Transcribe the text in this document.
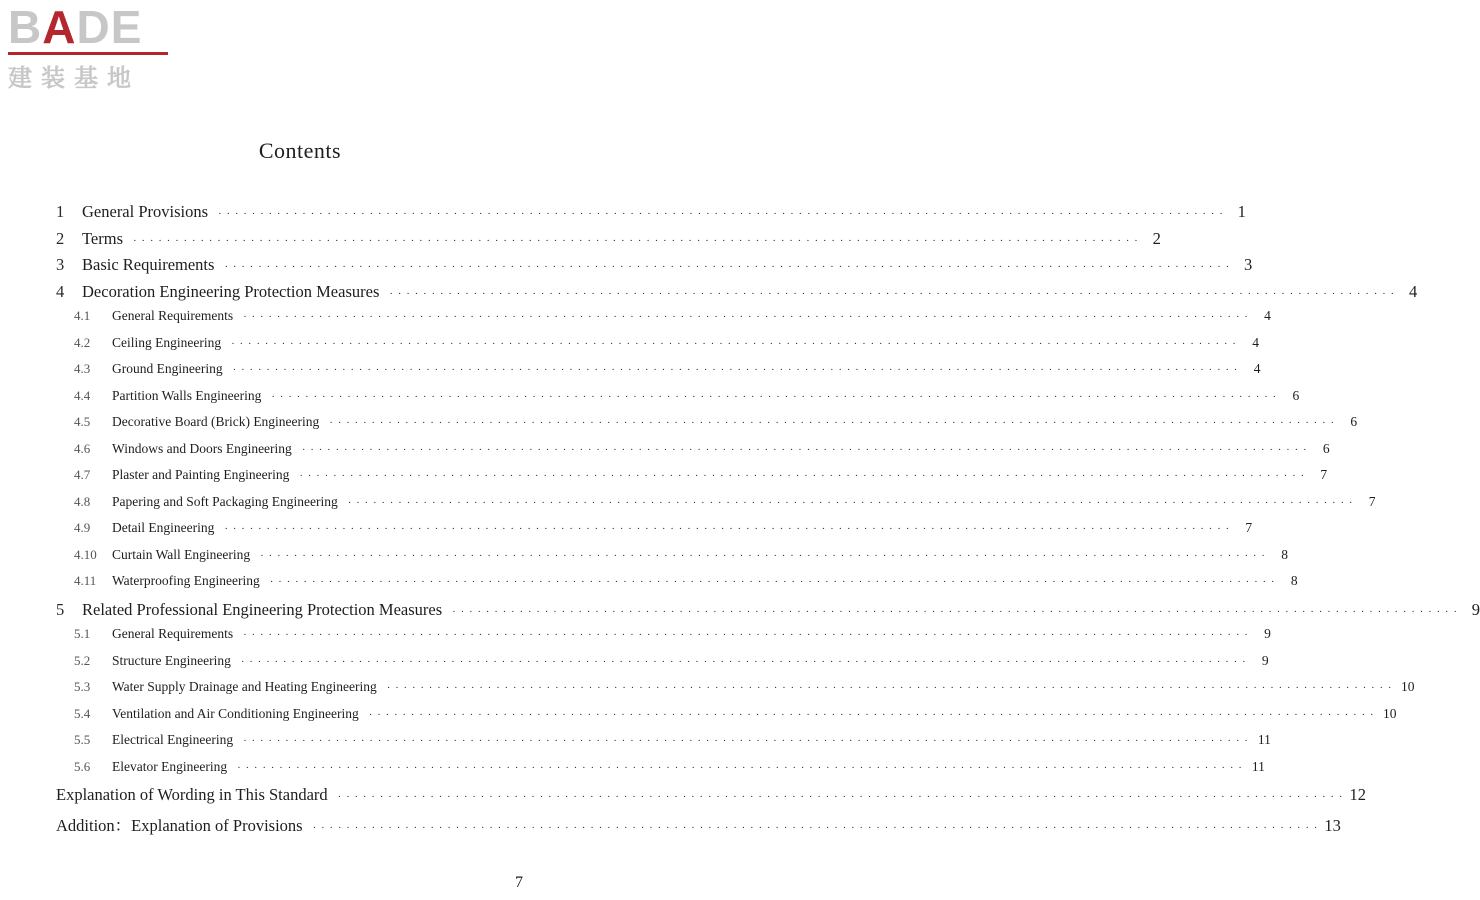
BADE
建装基地
Contents
1	General Provisions · · · · · · · · · · · · · · · · · · · · · · · · · · · · · · · · · · · · · · · · · · · · · · · · · · · · · · · · · · · · · · · · · · · · · · · · · · · · · · · · · · · · · · · · · · · · · · · · · · · · · · · · · · · · · · · · · · · · · · · · 1
2	Terms · · · · · · · · · · · · · · · · · · · · · · · · · · · · · · · · · · · · · · · · · · · · · · · · · · · · · · · · · · · · · · · · · · · · · · · · · · · · · · · · · · · · · · · · · · · · · · · · · · · · · · · · · · · · · · · · · · · · · · · · 2
3	Basic Requirements · · · · · · · · · · · · · · · · · · · · · · · · · · · · · · · · · · · · · · · · · · · · · · · · · · · · · · · · · · · · · · · · · · · · · · · · · · · · · · · · · · · · · · · · · · · · · · · · · · · · · · · · · · · · · · · · · · · · · · · · 3
4	Decoration Engineering Protection Measures · · · · · · · · · · · · · · · · · · · · · · · · · · · · · · · · · · · · · · · · · · · · · · · · · · · · · · · · · · · · · · · · · · · · · · · · · · · · · · · · · · · · · · · · · · · · · · · · · · · · · · · · · · · · · · · · · · · · · · · · 4
4.1	General Requirements · · · · · · · · · · · · · · · · · · · · · · · · · · · · · · · · · · · · · · · · · · · · · · · · · · · · · · · · · · · · · · · · · · · · · · · · · · · · · · · · · · · · · · · · · · · · · · · · · · · · · · · · · · · · · · · · · · · · · · · ·	4
4.2	Ceiling Engineering · · · · · · · · · · · · · · · · · · · · · · · · · · · · · · · · · · · · · · · · · · · · · · · · · · · · · · · · · · · · · · · · · · · · · · · · · · · · · · · · · · · · · · · · · · · · · · · · · · · · · · · · · · · · · · · · · · · · · · · ·	4
4.3	Ground Engineering · · · · · · · · · · · · · · · · · · · · · · · · · · · · · · · · · · · · · · · · · · · · · · · · · · · · · · · · · · · · · · · · · · · · · · · · · · · · · · · · · · · · · · · · · · · · · · · · · · · · · · · · · · · · · · · · · · · · · · · ·	4
4.4	Partition Walls Engineering · · · · · · · · · · · · · · · · · · · · · · · · · · · · · · · · · · · · · · · · · · · · · · · · · · · · · · · · · · · · · · · · · · · · · · · · · · · · · · · · · · · · · · · · · · · · · · · · · · · · · · · · · · · · · · · · · · · · · · · ·	6
4.5	Decorative Board (Brick) Engineering · · · · · · · · · · · · · · · · · · · · · · · · · · · · · · · · · · · · · · · · · · · · · · · · · · · · · · · · · · · · · · · · · · · · · · · · · · · · · · · · · · · · · · · · · · · · · · · · · · · · · · · · · · · · · · · · · · · · · · · ·	6
4.6	Windows and Doors Engineering · · · · · · · · · · · · · · · · · · · · · · · · · · · · · · · · · · · · · · · · · · · · · · · · · · · · · · · · · · · · · · · · · · · · · · · · · · · · · · · · · · · · · · · · · · · · · · · · · · · · · · · · · · · · · · · · · · · · · · · ·	6
4.7	Plaster and Painting Engineering · · · · · · · · · · · · · · · · · · · · · · · · · · · · · · · · · · · · · · · · · · · · · · · · · · · · · · · · · · · · · · · · · · · · · · · · · · · · · · · · · · · · · · · · · · · · · · · · · · · · · · · · · · · · · · · · · · · · · · · ·	7
4.8	Papering and Soft Packaging Engineering · · · · · · · · · · · · · · · · · · · · · · · · · · · · · · · · · · · · · · · · · · · · · · · · · · · · · · · · · · · · · · · · · · · · · · · · · · · · · · · · · · · · · · · · · · · · · · · · · · · · · · · · · · · · · · · · · · · · · · · ·	7
4.9	Detail Engineering · · · · · · · · · · · · · · · · · · · · · · · · · · · · · · · · · · · · · · · · · · · · · · · · · · · · · · · · · · · · · · · · · · · · · · · · · · · · · · · · · · · · · · · · · · · · · · · · · · · · · · · · · · · · · · · · · · · · · · · ·	7
4.10	Curtain Wall Engineering · · · · · · · · · · · · · · · · · · · · · · · · · · · · · · · · · · · · · · · · · · · · · · · · · · · · · · · · · · · · · · · · · · · · · · · · · · · · · · · · · · · · · · · · · · · · · · · · · · · · · · · · · · · · · · · · · · · · · · · ·	8
4.11	Waterproofing Engineering · · · · · · · · · · · · · · · · · · · · · · · · · · · · · · · · · · · · · · · · · · · · · · · · · · · · · · · · · · · · · · · · · · · · · · · · · · · · · · · · · · · · · · · · · · · · · · · · · · · · · · · · · · · · · · · · · · · · · · · ·	8
5	Related Professional Engineering Protection Measures · · · · · · · · · · · · · · · · · · · · · · · · · · · · · · · · · · · · · · · · · · · · · · · · · · · · · · · · · · · · · · · · · · · · · · · · · · · · · · · · · · · · · · · · · · · · · · · · · · · · · · · · · · · · · · · · · · · · · · · · 9
5.1	General Requirements · · · · · · · · · · · · · · · · · · · · · · · · · · · · · · · · · · · · · · · · · · · · · · · · · · · · · · · · · · · · · · · · · · · · · · · · · · · · · · · · · · · · · · · · · · · · · · · · · · · · · · · · · · · · · · · · · · · · · · · ·	9
5.2	Structure Engineering · · · · · · · · · · · · · · · · · · · · · · · · · · · · · · · · · · · · · · · · · · · · · · · · · · · · · · · · · · · · · · · · · · · · · · · · · · · · · · · · · · · · · · · · · · · · · · · · · · · · · · · · · · · · · · · · · · · · · · · ·	9
5.3	Water Supply Drainage and Heating Engineering · · · · · · · · · · · · · · · · · · · · · · · · · · · · · · · · · · · · · · · · · · · · · · · · · · · · · · · · · · · · · · · · · · · · · · · · · · · · · · · · · · · · · · · · · · · · · · · · · · · · · · · · · · · · · · · · · · · · · · · · 10
5.4	Ventilation and Air Conditioning Engineering · · · · · · · · · · · · · · · · · · · · · · · · · · · · · · · · · · · · · · · · · · · · · · · · · · · · · · · · · · · · · · · · · · · · · · · · · · · · · · · · · · · · · · · · · · · · · · · · · · · · · · · · · · · · · · · · · · · · · · · · 10
5.5	Electrical Engineering · · · · · · · · · · · · · · · · · · · · · · · · · · · · · · · · · · · · · · · · · · · · · · · · · · · · · · · · · · · · · · · · · · · · · · · · · · · · · · · · · · · · · · · · · · · · · · · · · · · · · · · · · · · · · · · · · · · · · · · · 11
5.6	Elevator Engineering · · · · · · · · · · · · · · · · · · · · · · · · · · · · · · · · · · · · · · · · · · · · · · · · · · · · · · · · · · · · · · · · · · · · · · · · · · · · · · · · · · · · · · · · · · · · · · · · · · · · · · · · · · · · · · · · · · · · · · · · 11
Explanation of Wording in This Standard · · · · · · · · · · · · · · · · · · · · · · · · · · · · · · · · · · · · · · · · · · · · · · · · · · · · · · · · · · · · · · · · · · · · · · · · · · · · · · · · · · · · · · · · · · · · · · · · · · · · · · · · · · · · · · · · · · · · · · · · 12
Addition：Explanation of Provisions · · · · · · · · · · · · · · · · · · · · · · · · · · · · · · · · · · · · · · · · · · · · · · · · · · · · · · · · · · · · · · · · · · · · · · · · · · · · · · · · · · · · · · · · · · · · · · · · · · · · · · · · · · · · · · · · · · · · · · · · 13
7
